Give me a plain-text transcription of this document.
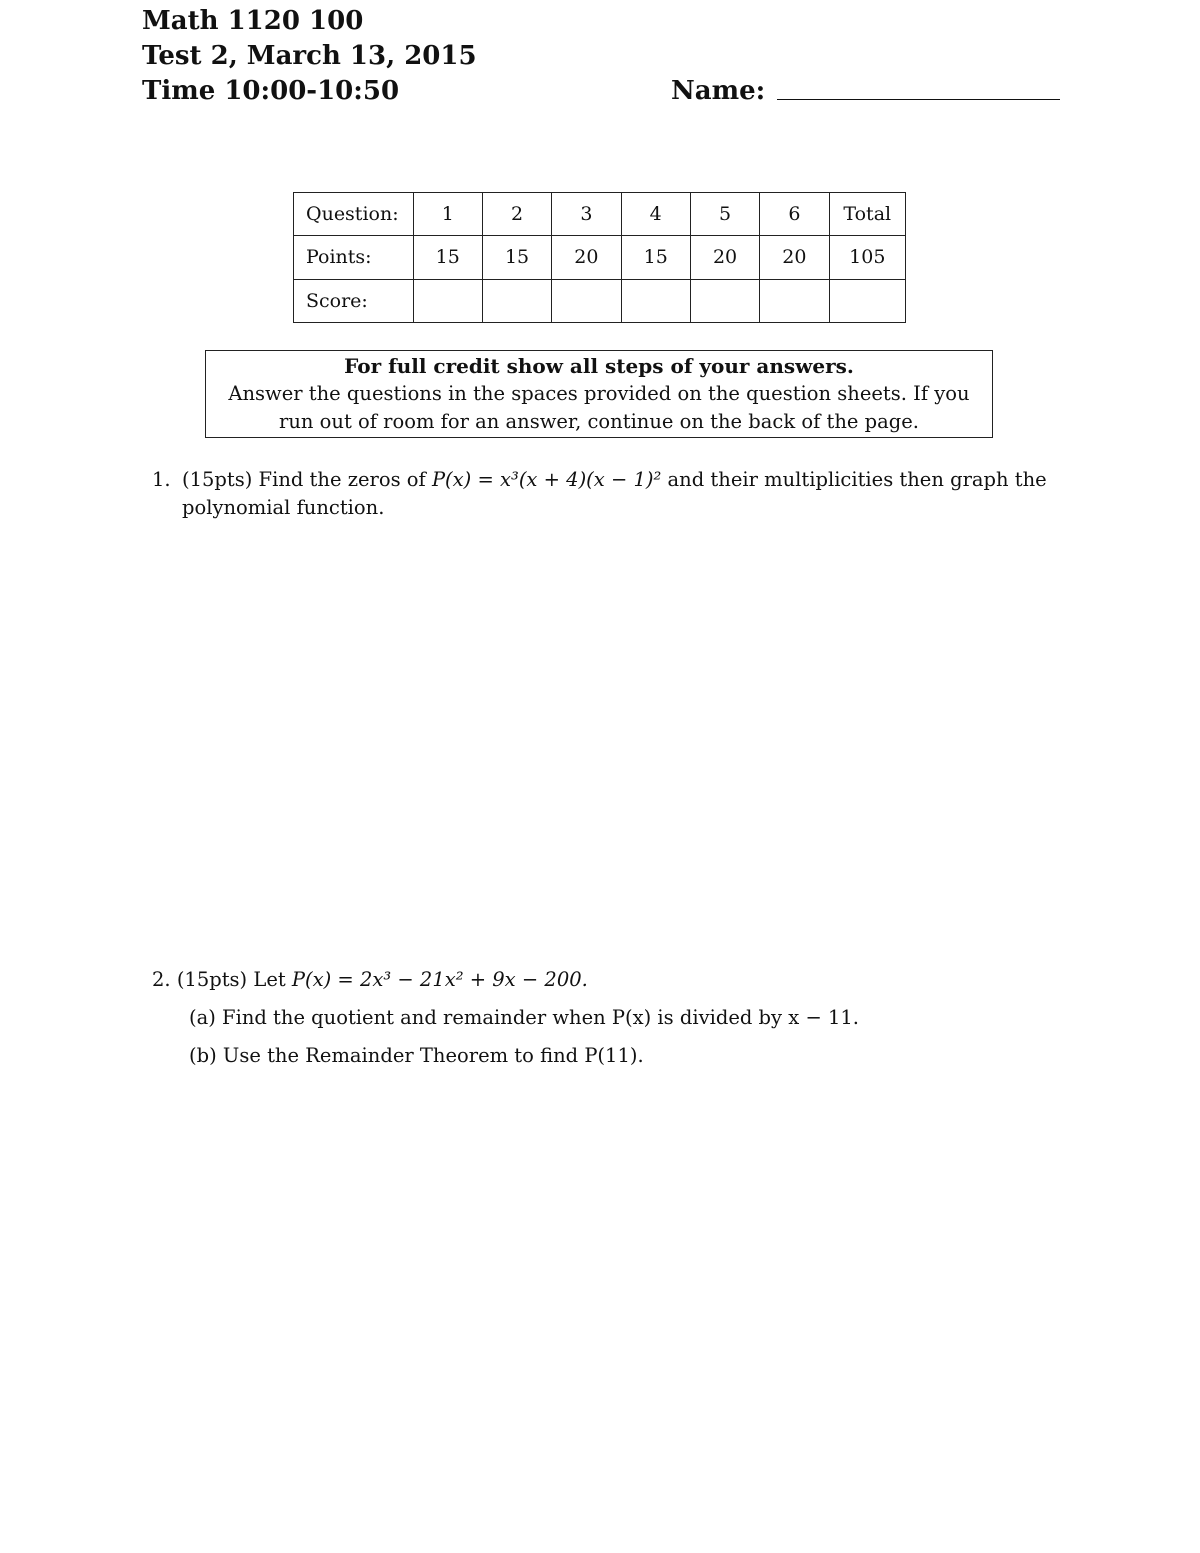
Math 1120 100
Test 2, March 13, 2015
Time 10:00-10:50	Name:
Question:	1	2	3	4	5	6	Total
Points:	15	15	20	15	20	20	105
Score:							
For full credit show all steps of your answers.
Answer the questions in the spaces provided on the question sheets. If you
run out of room for an answer, continue on the back of the page.
1. (15pts) Find the zeros of P(x) = x³(x + 4)(x − 1)² and their multiplicities then graph the polynomial function.
2. (15pts) Let P(x) = 2x³ − 21x² + 9x − 200.
(a) Find the quotient and remainder when P(x) is divided by x − 11.
(b) Use the Remainder Theorem to find P(11).
